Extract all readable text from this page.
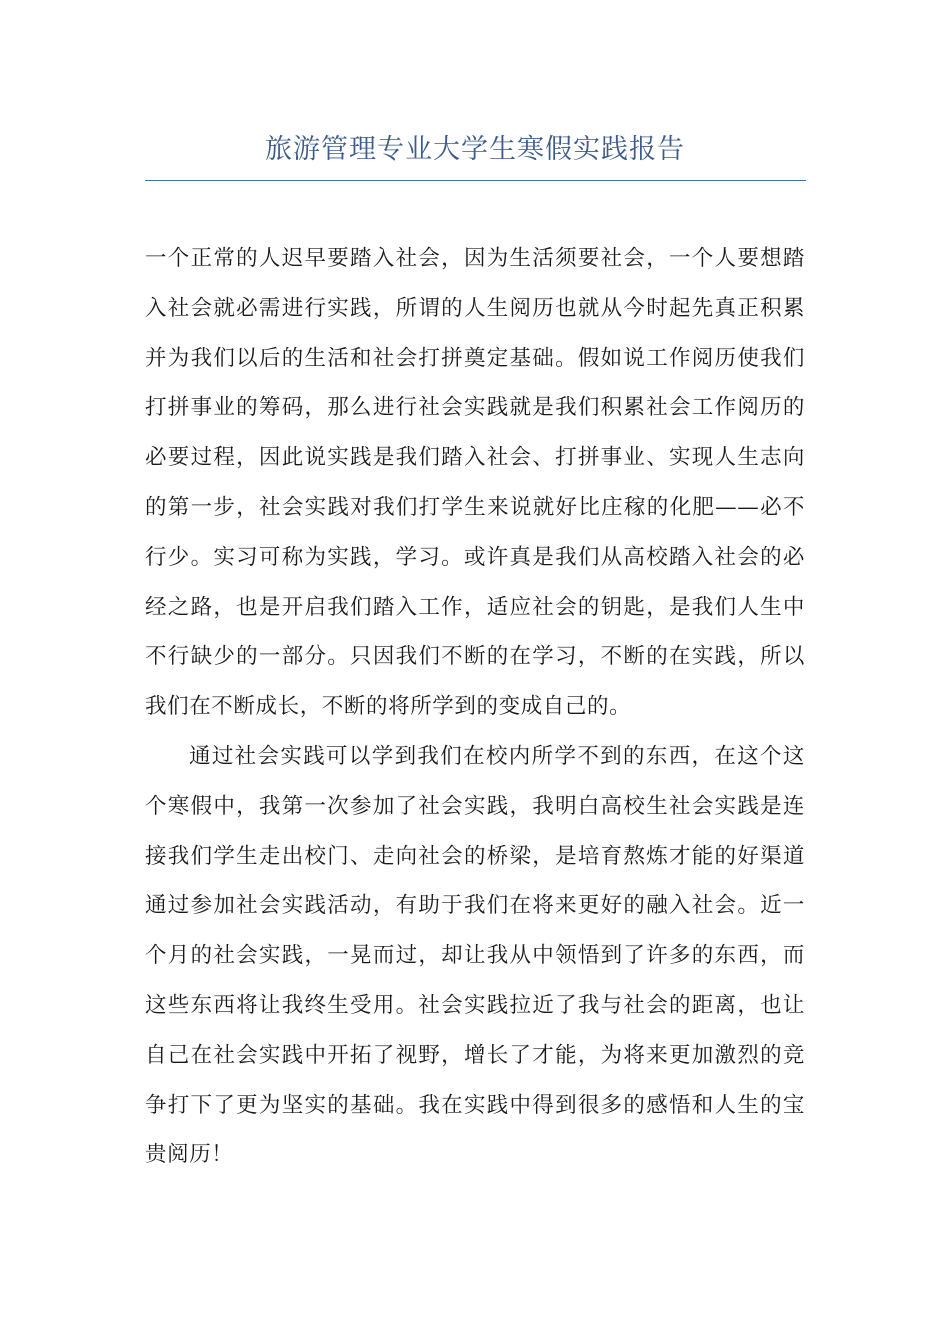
旅游管理专业大学生寒假实践报告

一个正常的人迟早要踏入社会，因为生活须要社会，一个人要想踏入社会就必需进行实践，所谓的人生阅历也就从今时起先真正积累并为我们以后的生活和社会打拼奠定基础。假如说工作阅历使我们打拼事业的筹码，那么进行社会实践就是我们积累社会工作阅历的必要过程，因此说实践是我们踏入社会、打拼事业、实现人生志向的第一步，社会实践对我们打学生来说就好比庄稼的化肥——必不行少。实习可称为实践，学习。或许真是我们从高校踏入社会的必经之路，也是开启我们踏入工作，适应社会的钥匙，是我们人生中不行缺少的一部分。只因我们不断的在学习，不断的在实践，所以我们在不断成长，不断的将所学到的变成自己的。

通过社会实践可以学到我们在校内所学不到的东西，在这个这个寒假中，我第一次参加了社会实践，我明白高校生社会实践是连接我们学生走出校门、走向社会的桥梁，是培育熬炼才能的好渠道通过参加社会实践活动，有助于我们在将来更好的融入社会。近一个月的社会实践，一晃而过，却让我从中领悟到了许多的东西，而这些东西将让我终生受用。社会实践拉近了我与社会的距离，也让自己在社会实践中开拓了视野，增长了才能，为将来更加激烈的竞争打下了更为坚实的基础。我在实践中得到很多的感悟和人生的宝贵阅历！
